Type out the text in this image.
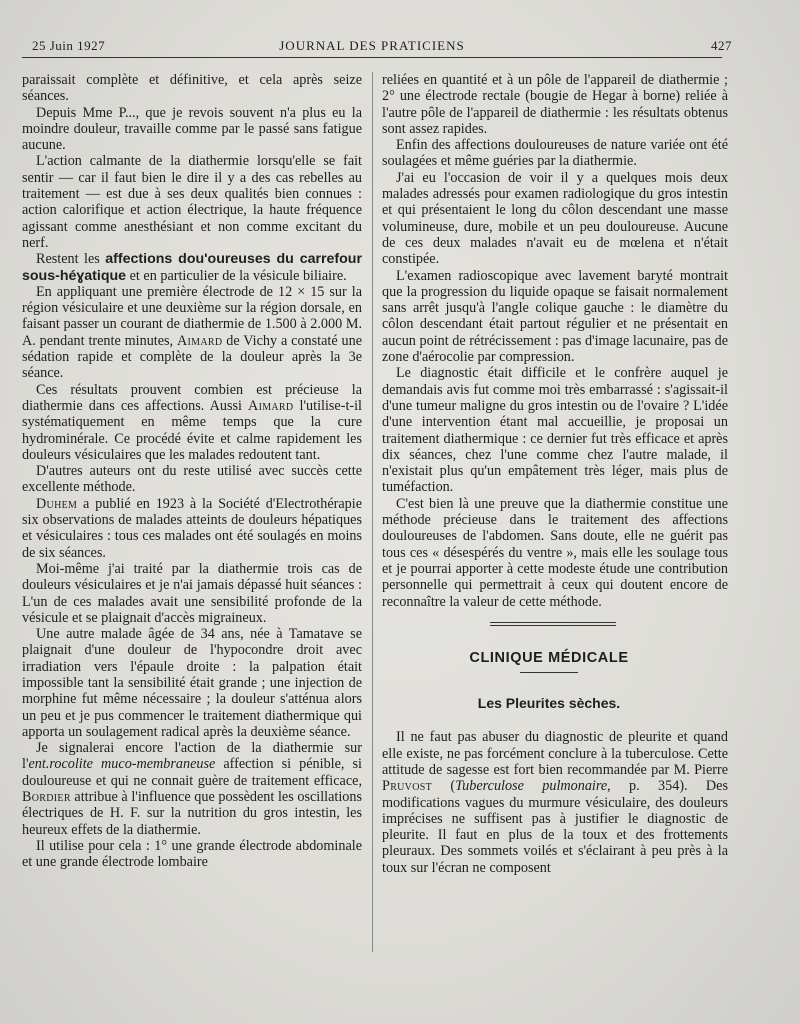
25 Juin 1927	JOURNAL DES PRATICIENS	427

paraissait complète et définitive, et cela après seize séances.

Depuis Mme P..., que je revois souvent n'a plus eu la moindre douleur, travaille comme par le passé sans fatigue aucune.

L'action calmante de la diathermie lorsqu'elle se fait sentir — car il faut bien le dire il y a des cas rebelles au traitement — est due à ses deux qualités bien connues : action calorifique et action électrique, la haute fréquence agissant comme anesthésiant et non comme excitant du nerf.

Restent les affections dou'oureuses du carrefour sous-héɣatique et en particulier de la vésicule biliaire.

En appliquant une première électrode de 12 × 15 sur la région vésiculaire et une deuxième sur la région dorsale, en faisant passer un courant de diathermie de 1.500 à 2.000 M. A. pendant trente minutes, Aimard de Vichy a constaté une sédation rapide et complète de la douleur après la 3e séance.

Ces résultats prouvent combien est précieuse la diathermie dans ces affections. Aussi Aimard l'utilise-t-il systématiquement en même temps que la cure hydrominérale. Ce procédé évite et calme rapidement les douleurs vésiculaires que les malades redoutent tant.

D'autres auteurs ont du reste utilisé avec succès cette excellente méthode.

Duhem a publié en 1923 à la Société d'Electrothérapie six observations de malades atteints de douleurs hépatiques et vésiculaires : tous ces malades ont été soulagés en moins de six séances.

Moi-même j'ai traité par la diathermie trois cas de douleurs vésiculaires et je n'ai jamais dépassé huit séances : L'un de ces malades avait une sensibilité profonde de la vésicule et se plaignait d'accès migraineux.

Une autre malade âgée de 34 ans, née à Tamatave se plaignait d'une douleur de l'hypocondre droit avec irradiation vers l'épaule droite : la palpation était impossible tant la sensibilité était grande ; une injection de morphine fut même nécessaire ; la douleur s'atténua alors un peu et je pus commencer le traitement diathermique qui apporta un soulagement radical après la deuxième séance.

Je signalerai encore l'action de la diathermie sur l'ent.rocolite muco-membraneuse affection si pénible, si douloureuse et qui ne connait guère de traitement efficace, Bordier attribue à l'influence que possèdent les oscillations électriques de H. F. sur la nutrition du gros intestin, les heureux effets de la diathermie.

Il utilise pour cela : 1° une grande électrode abdominale et une grande électrode lombaire

reliées en quantité et à un pôle de l'appareil de diathermie ; 2° une électrode rectale (bougie de Hegar à borne) reliée à l'autre pôle de l'appareil de diathermie : les résultats obtenus sont assez rapides.

Enfin des affections douloureuses de nature variée ont été soulagées et même guéries par la diathermie.

J'ai eu l'occasion de voir il y a quelques mois deux malades adressés pour examen radiologique du gros intestin et qui présentaient le long du côlon descendant une masse volumineuse, dure, mobile et un peu douloureuse. Aucune de ces deux malades n'avait eu de mœlena et n'était constipée.

L'examen radioscopique avec lavement baryté montrait que la progression du liquide opaque se faisait normalement sans arrêt jusqu'à l'angle colique gauche : le diamètre du côlon descendant était partout régulier et ne présentait en aucun point de rétrécissement : pas d'image lacunaire, pas de zone d'aérocolie par compression.

Le diagnostic était difficile et le confrère auquel je demandais avis fut comme moi très embarrassé : s'agissait-il d'une tumeur maligne du gros intestin ou de l'ovaire ? L'idée d'une intervention étant mal accueillie, je proposai un traitement diathermique : ce dernier fut très efficace et après dix séances, chez l'une comme chez l'autre malade, il n'existait plus qu'un empâtement très léger, mais plus de tuméfaction.

C'est bien là une preuve que la diathermie constitue une méthode précieuse dans le traitement des affections douloureuses de l'abdomen. Sans doute, elle ne guérit pas tous ces « désespérés du ventre », mais elle les soulage tous et je pourrai apporter à cette modeste étude une contribution personnelle qui permettrait à ceux qui doutent encore de reconnaître la valeur de cette méthode.

CLINIQUE MÉDICALE
Les Pleurites sèches.

Il ne faut pas abuser du diagnostic de pleurite et quand elle existe, ne pas forcément conclure à la tuberculose. Cette attitude de sagesse est fort bien recommandée par M. Pierre Pruvost (Tuberculose pulmonaire, p. 354). Des modifications vagues du murmure vésiculaire, des douleurs imprécises ne suffisent pas à justifier le diagnostic de pleurite. Il faut en plus de la toux et des frottements pleuraux. Des sommets voilés et s'éclairant à peu près à la toux sur l'écran ne composent
